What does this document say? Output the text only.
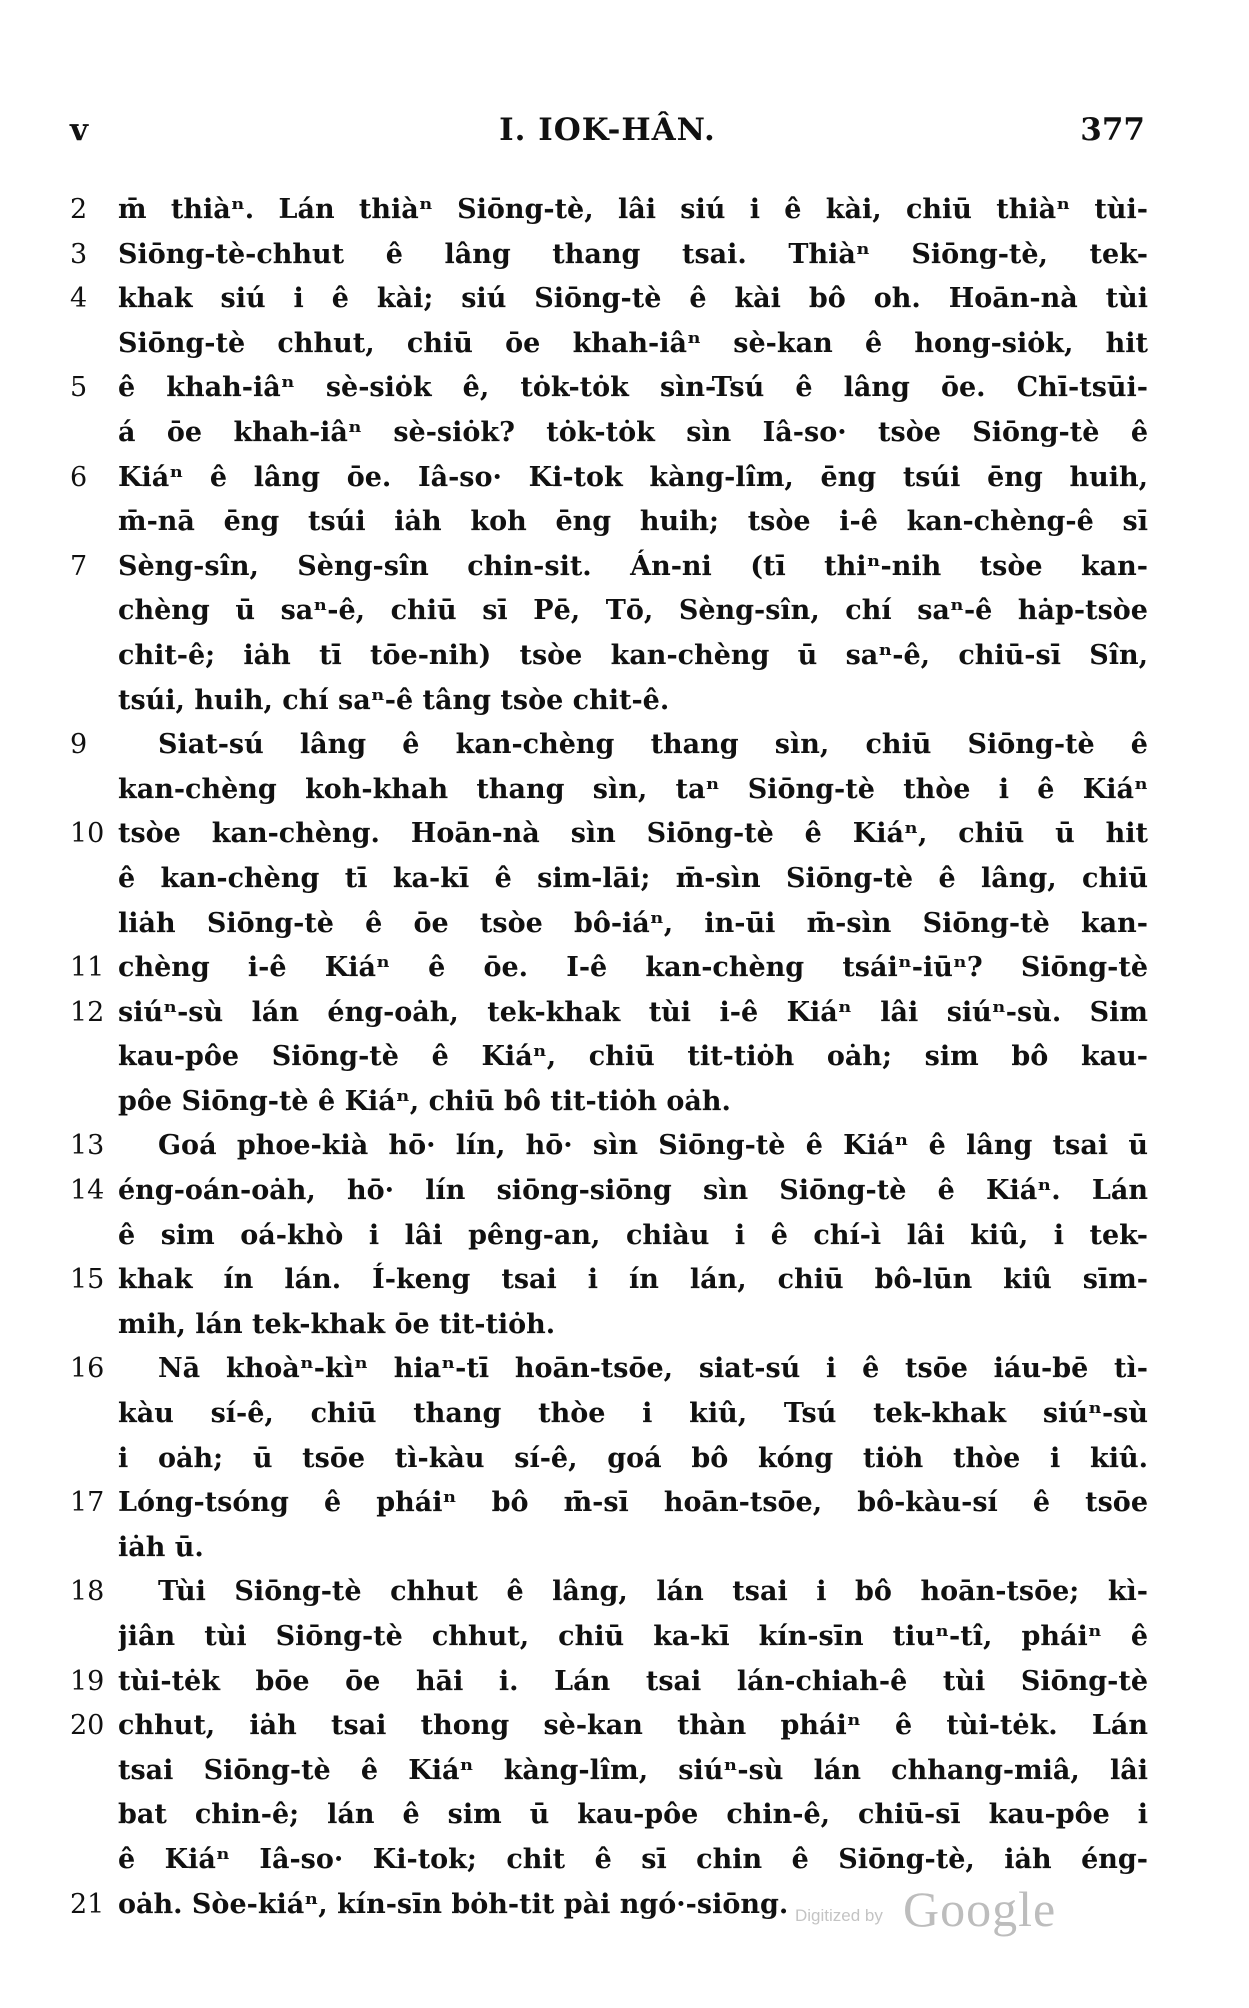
v	I. IOK-HÂN.	377
2	m̄ thiàⁿ. Lán thiàⁿ Siōng-tè, lâi siú i ê kài, chiū thiàⁿ tùi-
3	Siōng-tè-chhut ê lâng thang tsai. Thiàⁿ Siōng-tè, tek-
4	khak siú i ê kài; siú Siōng-tè ê kài bô oh. Hoān-nà tùi
Siōng-tè chhut, chiū ōe khah-iâⁿ sè-kan ê hong-siȯk, hit
5	ê khah-iâⁿ sè-siȯk ê, tȯk-tȯk sìn-Tsú ê lâng ōe. Chī-tsūi-
á ōe khah-iâⁿ sè-siȯk? tȯk-tȯk sìn Iâ-so· tsòe Siōng-tè ê
6	Kiáⁿ ê lâng ōe. Iâ-so· Ki-tok kàng-lîm, ēng tsúi ēng huih,
m̄-nā ēng tsúi iȧh koh ēng huih; tsòe i-ê kan-chèng-ê sī
7	Sèng-sîn, Sèng-sîn chin-sit. Án-ni (tī thiⁿ-nih tsòe kan-
chèng ū saⁿ-ê, chiū sī Pē, Tō, Sèng-sîn, chí saⁿ-ê hȧp-tsòe
chit-ê; iȧh tī tōe-nih) tsòe kan-chèng ū saⁿ-ê, chiū-sī Sîn,
tsúi, huih, chí saⁿ-ê tâng tsòe chit-ê.
9	Siat-sú lâng ê kan-chèng thang sìn, chiū Siōng-tè ê
kan-chèng koh-khah thang sìn, taⁿ Siōng-tè thòe i ê Kiáⁿ
10 tsòe kan-chèng. Hoān-nà sìn Siōng-tè ê Kiáⁿ, chiū ū hit
ê kan-chèng tī ka-kī ê sim-lāi; m̄-sìn Siōng-tè ê lâng, chiū
liȧh Siōng-tè ê ōe tsòe bô-iáⁿ, in-ūi m̄-sìn Siōng-tè kan-
11 chèng i-ê Kiáⁿ ê ōe. I-ê kan-chèng tsáiⁿ-iūⁿ? Siōng-tè
12 siúⁿ-sù lán éng-oȧh, tek-khak tùi i-ê Kiáⁿ lâi siúⁿ-sù. Sim
kau-pôe Siōng-tè ê Kiáⁿ, chiū tit-tiȯh oȧh; sim bô kau-
pôe Siōng-tè ê Kiáⁿ, chiū bô tit-tiȯh oȧh.
13	Goá phoe-kià hō· lín, hō· sìn Siōng-tè ê Kiáⁿ ê lâng tsai ū
14 éng-oán-oȧh, hō· lín siōng-siōng sìn Siōng-tè ê Kiáⁿ. Lán
ê sim oá-khò i lâi pêng-an, chiàu i ê chí-ì lâi kiû, i tek-
15 khak ín lán. Í-keng tsai i ín lán, chiū bô-lūn kiû sīm-
mih, lán tek-khak ōe tit-tiȯh.
16	Nā khoàⁿ-kìⁿ hiaⁿ-tī hoān-tsōe, siat-sú i ê tsōe iáu-bē tì-
kàu sí-ê, chiū thang thòe i kiû, Tsú tek-khak siúⁿ-sù
i oȧh; ū tsōe tì-kàu sí-ê, goá bô kóng tiȯh thòe i kiû.
17 Lóng-tsóng ê pháiⁿ bô m̄-sī hoān-tsōe, bô-kàu-sí ê tsōe
iȧh ū.
18	Tùi Siōng-tè chhut ê lâng, lán tsai i bô hoān-tsōe; kì-
jiân tùi Siōng-tè chhut, chiū ka-kī kín-sīn tiuⁿ-tî, pháiⁿ ê
19 tùi-tėk bōe ōe hāi i. Lán tsai lán-chiah-ê tùi Siōng-tè
20 chhut, iȧh tsai thong sè-kan thàn pháiⁿ ê tùi-tėk. Lán
tsai Siōng-tè ê Kiáⁿ kàng-lîm, siúⁿ-sù lán chhang-miâ, lâi
bat chin-ê; lán ê sim ū kau-pôe chin-ê, chiū-sī kau-pôe i
ê Kiáⁿ Iâ-so· Ki-tok; chit ê sī chin ê Siōng-tè, iȧh éng-
21 oȧh. Sòe-kiáⁿ, kín-sīn bȯh-tit pài ngó·-siōng. Digitized by Google
